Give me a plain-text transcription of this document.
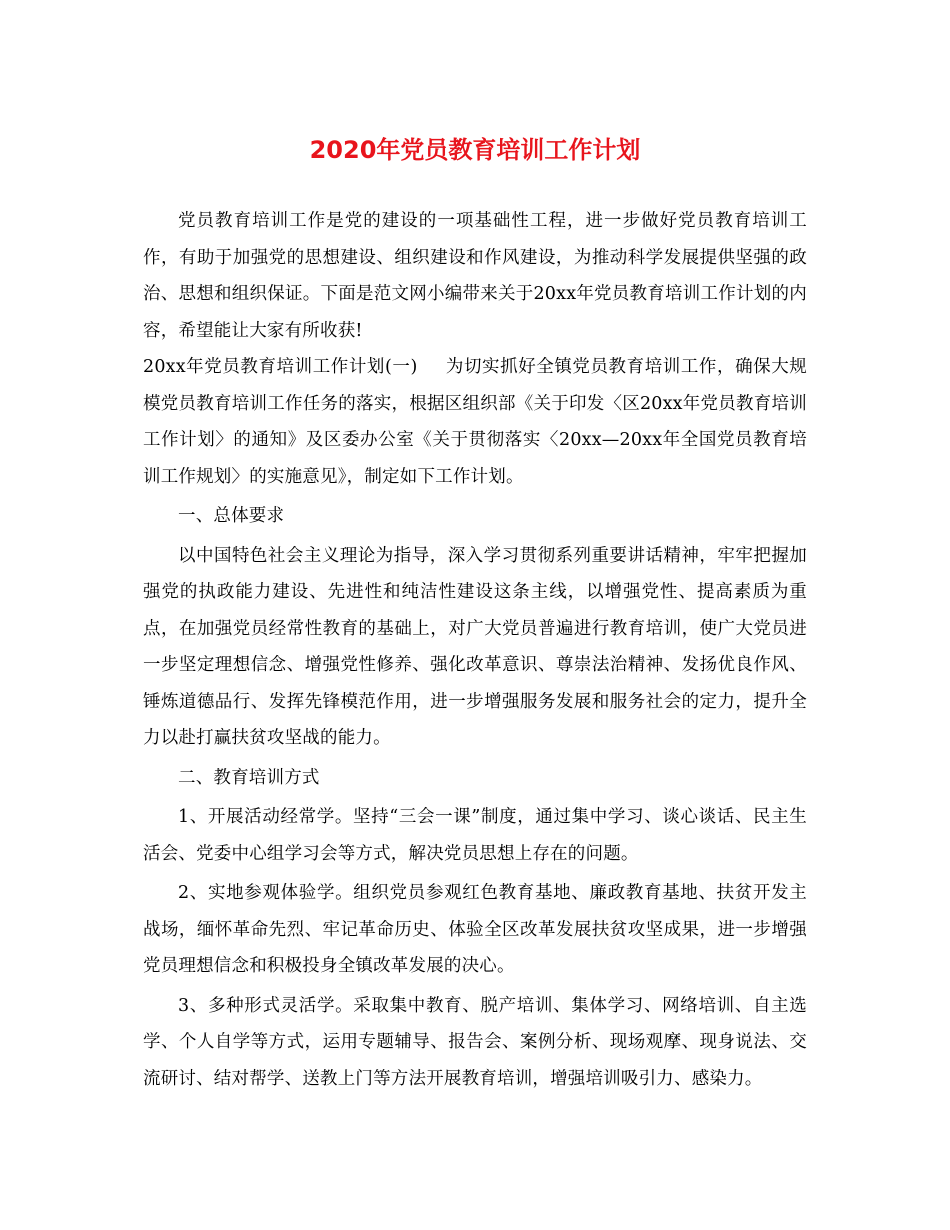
2020年党员教育培训工作计划

党员教育培训工作是党的建设的一项基础性工程，进一步做好党员教育培训工作，有助于加强党的思想建设、组织建设和作风建设，为推动科学发展提供坚强的政治、思想和组织保证。下面是范文网小编带来关于20xx年党员教育培训工作计划的内容，希望能让大家有所收获!

20xx年党员教育培训工作计划(一) 为切实抓好全镇党员教育培训工作，确保大规模党员教育培训工作任务的落实，根据区组织部《关于印发〈区20xx年党员教育培训工作计划〉的通知》及区委办公室《关于贯彻落实〈20xx—20xx年全国党员教育培训工作规划〉的实施意见》，制定如下工作计划。

一、总体要求

以中国特色社会主义理论为指导，深入学习贯彻系列重要讲话精神，牢牢把握加强党的执政能力建设、先进性和纯洁性建设这条主线，以增强党性、提高素质为重点，在加强党员经常性教育的基础上，对广大党员普遍进行教育培训，使广大党员进一步坚定理想信念、增强党性修养、强化改革意识、尊崇法治精神、发扬优良作风、锤炼道德品行、发挥先锋模范作用，进一步增强服务发展和服务社会的定力，提升全力以赴打赢扶贫攻坚战的能力。

二、教育培训方式

1、开展活动经常学。坚持“三会一课”制度，通过集中学习、谈心谈话、民主生活会、党委中心组学习会等方式，解决党员思想上存在的问题。

2、实地参观体验学。组织党员参观红色教育基地、廉政教育基地、扶贫开发主战场，缅怀革命先烈、牢记革命历史、体验全区改革发展扶贫攻坚成果，进一步增强党员理想信念和积极投身全镇改革发展的决心。

3、多种形式灵活学。采取集中教育、脱产培训、集体学习、网络培训、自主选学、个人自学等方式，运用专题辅导、报告会、案例分析、现场观摩、现身说法、交流研讨、结对帮学、送教上门等方法开展教育培训，增强培训吸引力、感染力。
